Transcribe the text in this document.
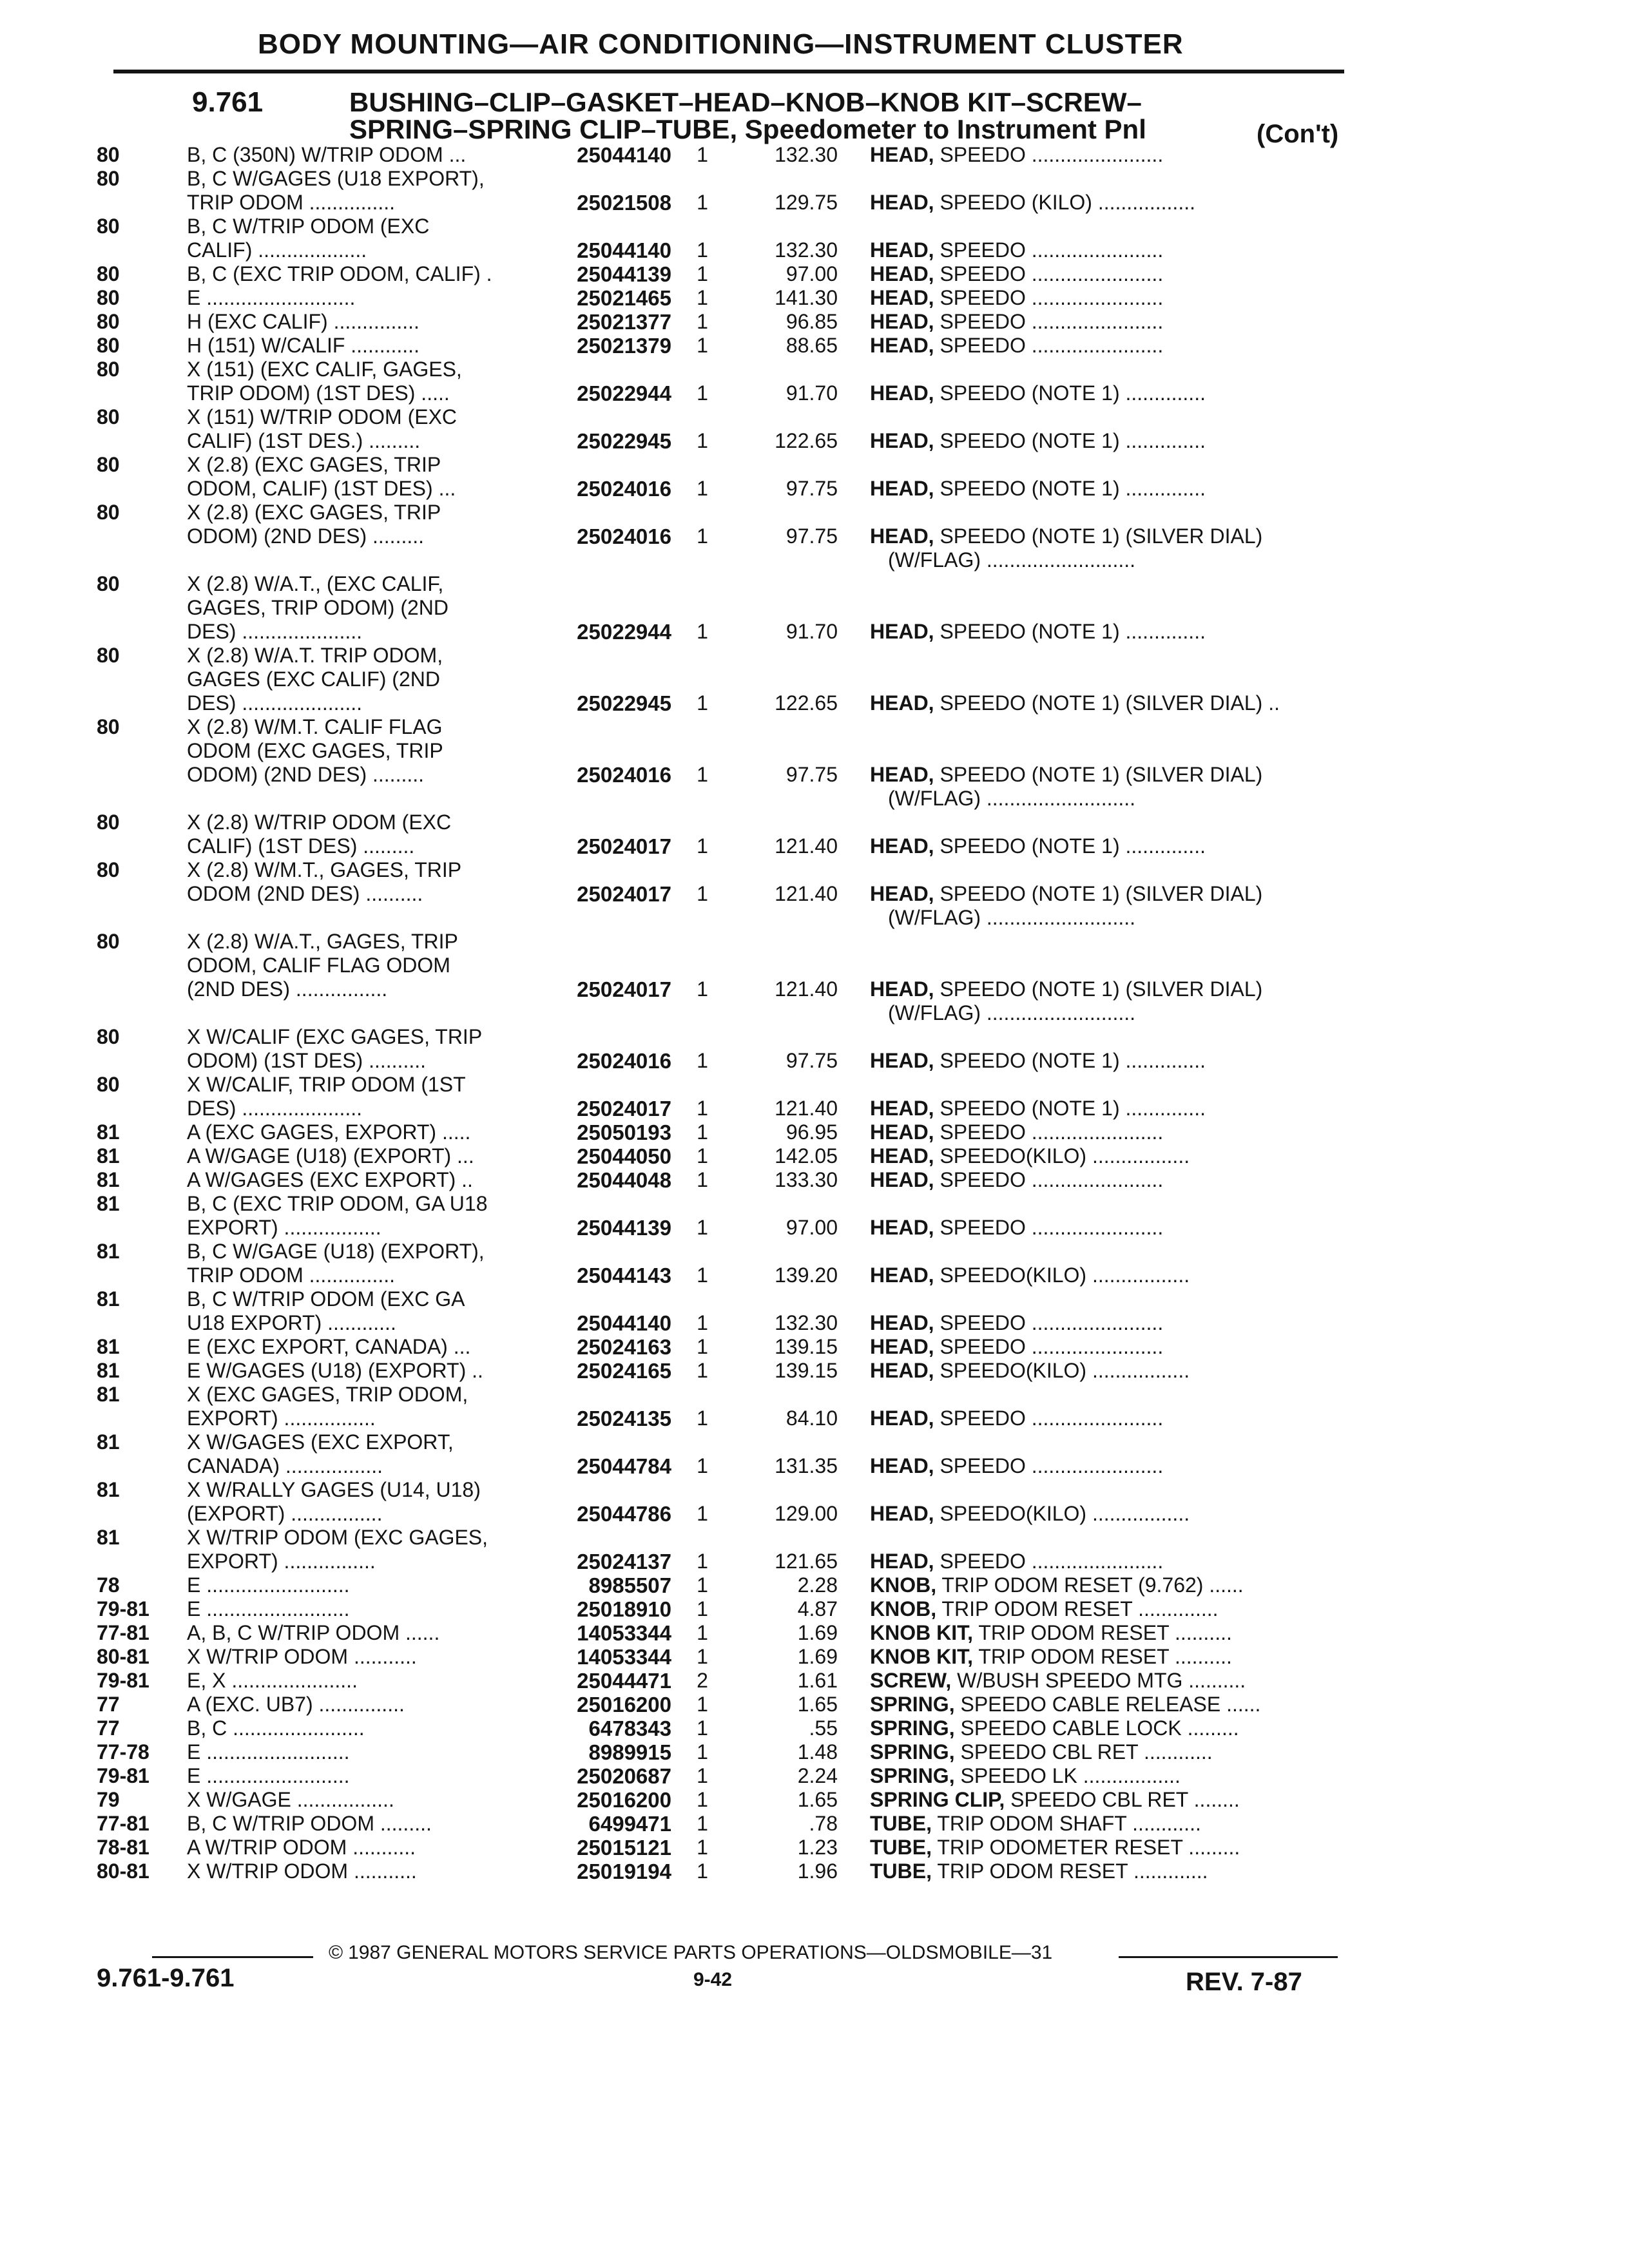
BODY MOUNTING—AIR CONDITIONING—INSTRUMENT CLUSTER
9.761	BUSHING–CLIP–GASKET–HEAD–KNOB–KNOB KIT–SCREW–
SPRING–SPRING CLIP–TUBE, Speedometer to Instrument Pnl	(Con't)
80	B, C (350N) W/TRIP ODOM ...	25044140	1	132.30 HEAD, SPEEDO .......................
80	B, C W/GAGES (U18 EXPORT),
TRIP ODOM ...............	25021508	1	129.75 HEAD, SPEEDO (KILO) .................
80	B, C W/TRIP ODOM (EXC
CALIF) ...................	25044140	1	132.30 HEAD, SPEEDO .......................
80	B, C (EXC TRIP ODOM, CALIF) .	25044139	1	97.00 HEAD, SPEEDO .......................
80	E ..........................	25021465	1	141.30 HEAD, SPEEDO .......................
80	H (EXC CALIF) ...............	25021377	1	96.85 HEAD, SPEEDO .......................
80	H (151) W/CALIF ............	25021379	1	88.65 HEAD, SPEEDO .......................
80	X (151) (EXC CALIF, GAGES,
TRIP ODOM) (1ST DES) .....	25022944	1	91.70 HEAD, SPEEDO (NOTE 1) ..............
80	X (151) W/TRIP ODOM (EXC
CALIF) (1ST DES.) .........	25022945	1	122.65 HEAD, SPEEDO (NOTE 1) ..............
80	X (2.8) (EXC GAGES, TRIP
ODOM, CALIF) (1ST DES) ...	25024016	1	97.75 HEAD, SPEEDO (NOTE 1) ..............
80	X (2.8) (EXC GAGES, TRIP
ODOM) (2ND DES) .........	25024016	1	97.75 HEAD, SPEEDO (NOTE 1) (SILVER DIAL)
(W/FLAG) ..........................
80	X (2.8) W/A.T., (EXC CALIF,
GAGES, TRIP ODOM) (2ND
DES) .....................	25022944	1	91.70 HEAD, SPEEDO (NOTE 1) ..............
80	X (2.8) W/A.T. TRIP ODOM,
GAGES (EXC CALIF) (2ND
DES) .....................	25022945	1	122.65 HEAD, SPEEDO (NOTE 1) (SILVER DIAL) ..
80	X (2.8) W/M.T. CALIF FLAG
ODOM (EXC GAGES, TRIP
ODOM) (2ND DES) .........	25024016	1	97.75 HEAD, SPEEDO (NOTE 1) (SILVER DIAL)
(W/FLAG) ..........................
80	X (2.8) W/TRIP ODOM (EXC
CALIF) (1ST DES) .........	25024017	1	121.40 HEAD, SPEEDO (NOTE 1) ..............
80	X (2.8) W/M.T., GAGES, TRIP
ODOM (2ND DES) ..........	25024017	1	121.40 HEAD, SPEEDO (NOTE 1) (SILVER DIAL)
(W/FLAG) ..........................
80	X (2.8) W/A.T., GAGES, TRIP
ODOM, CALIF FLAG ODOM
(2ND DES) ................	25024017	1	121.40 HEAD, SPEEDO (NOTE 1) (SILVER DIAL)
(W/FLAG) ..........................
80	X W/CALIF (EXC GAGES, TRIP
ODOM) (1ST DES) ..........	25024016	1	97.75 HEAD, SPEEDO (NOTE 1) ..............
80	X W/CALIF, TRIP ODOM (1ST
DES) .....................	25024017	1	121.40 HEAD, SPEEDO (NOTE 1) ..............
81	A (EXC GAGES, EXPORT) .....	25050193	1	96.95 HEAD, SPEEDO .......................
81	A W/GAGE (U18) (EXPORT) ...	25044050	1	142.05 HEAD, SPEEDO(KILO) .................
81	A W/GAGES (EXC EXPORT) ..	25044048	1	133.30 HEAD, SPEEDO .......................
81	B, C (EXC TRIP ODOM, GA U18
EXPORT) .................	25044139	1	97.00 HEAD, SPEEDO .......................
81	B, C W/GAGE (U18) (EXPORT),
TRIP ODOM ...............	25044143	1	139.20 HEAD, SPEEDO(KILO) .................
81	B, C W/TRIP ODOM (EXC GA
U18 EXPORT) ............	25044140	1	132.30 HEAD, SPEEDO .......................
81	E (EXC EXPORT, CANADA) ...	25024163	1	139.15 HEAD, SPEEDO .......................
81	E W/GAGES (U18) (EXPORT) ..	25024165	1	139.15 HEAD, SPEEDO(KILO) .................
81	X (EXC GAGES, TRIP ODOM,
EXPORT) ................	25024135	1	84.10 HEAD, SPEEDO .......................
81	X W/GAGES (EXC EXPORT,
CANADA) .................	25044784	1	131.35 HEAD, SPEEDO .......................
81	X W/RALLY GAGES (U14, U18)
(EXPORT) ................	25044786	1	129.00 HEAD, SPEEDO(KILO) .................
81	X W/TRIP ODOM (EXC GAGES,
EXPORT) ................	25024137	1	121.65 HEAD, SPEEDO .......................
78	E .........................	8985507	1	2.28 KNOB, TRIP ODOM RESET (9.762) ......
79-81	E .........................	25018910	1	4.87 KNOB, TRIP ODOM RESET ..............
77-81	A, B, C W/TRIP ODOM ......	14053344	1	1.69 KNOB KIT, TRIP ODOM RESET ..........
80-81	X W/TRIP ODOM ...........	14053344	1	1.69 KNOB KIT, TRIP ODOM RESET ..........
79-81	E, X ......................	25044471	2	1.61 SCREW, W/BUSH SPEEDO MTG ..........
77	A (EXC. UB7) ...............	25016200	1	1.65 SPRING, SPEEDO CABLE RELEASE ......
77	B, C .......................	6478343	1	.55 SPRING, SPEEDO CABLE LOCK .........
77-78	E .........................	8989915	1	1.48 SPRING, SPEEDO CBL RET ............
79-81	E .........................	25020687	1	2.24 SPRING, SPEEDO LK .................
79	X W/GAGE .................	25016200	1	1.65 SPRING CLIP, SPEEDO CBL RET ........
77-81	B, C W/TRIP ODOM .........	6499471	1	.78 TUBE, TRIP ODOM SHAFT ............
78-81	A W/TRIP ODOM ...........	25015121	1	1.23 TUBE, TRIP ODOMETER RESET .........
80-81	X W/TRIP ODOM ...........	25019194	1	1.96 TUBE, TRIP ODOM RESET .............
© 1987 GENERAL MOTORS SERVICE PARTS OPERATIONS—OLDSMOBILE—31
9.761-9.761	9-42	REV. 7-87
